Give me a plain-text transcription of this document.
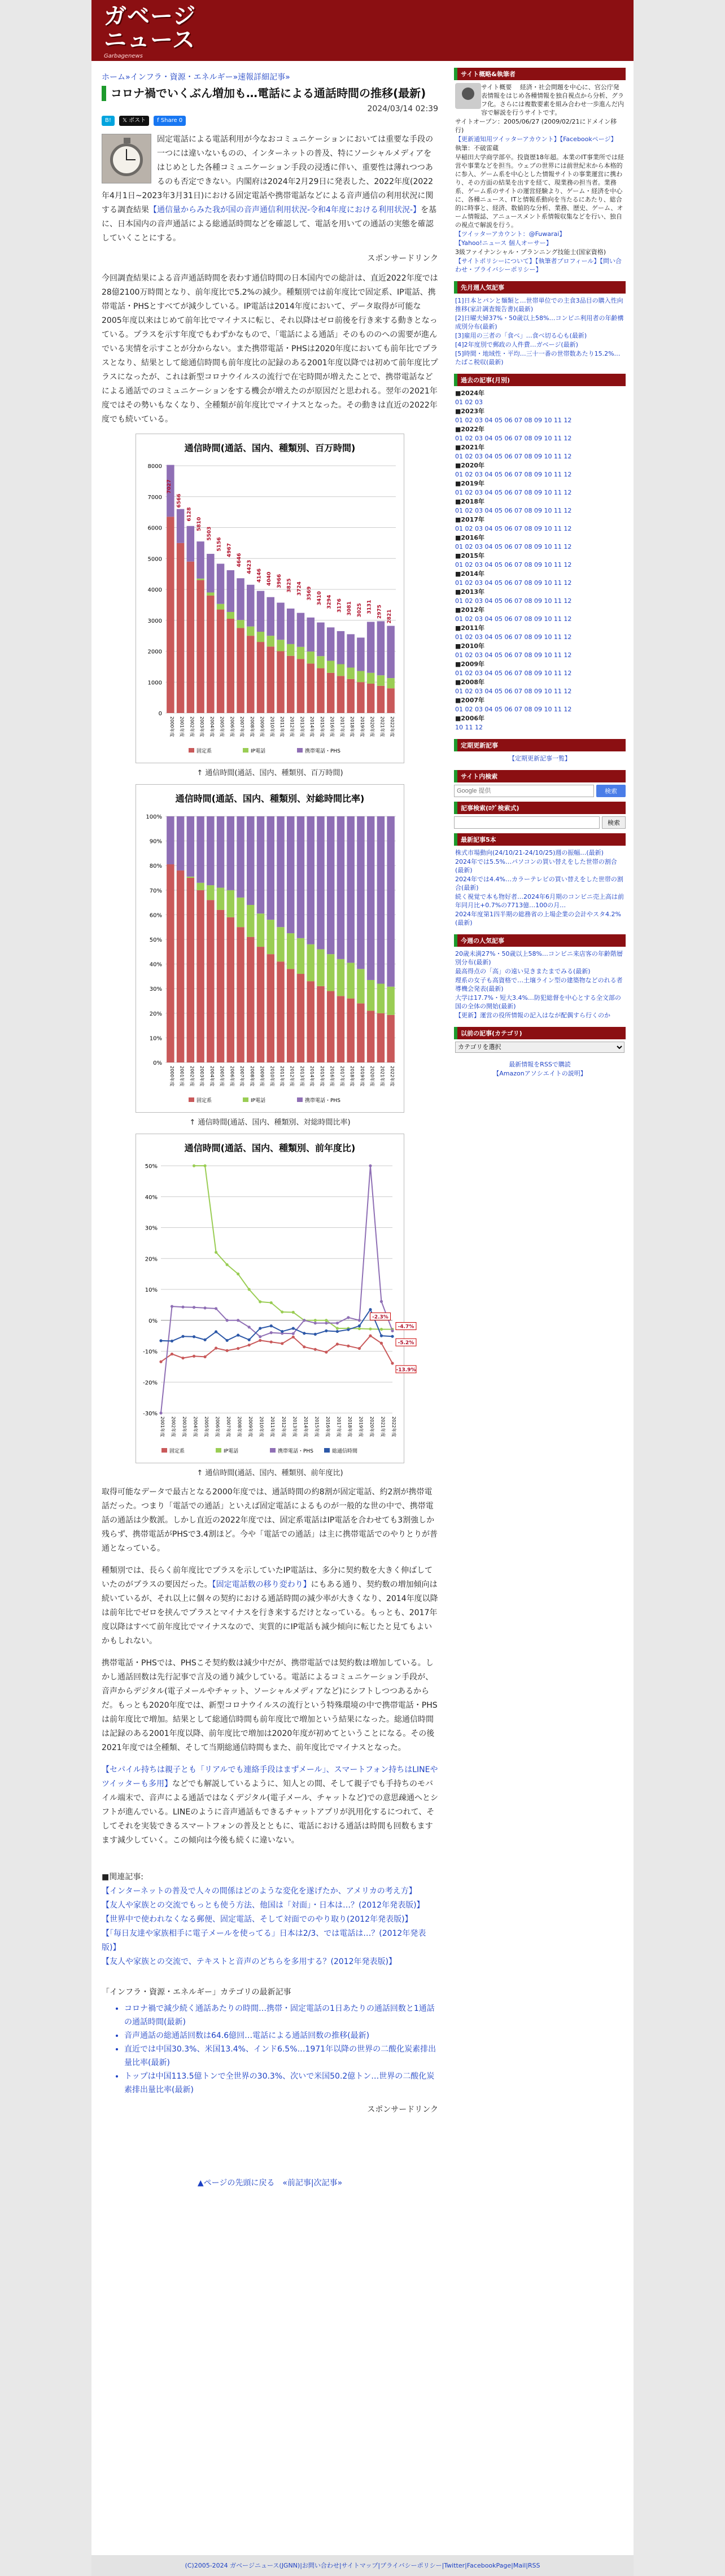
ガベージ
ニュース
Garbagenews
ホーム»インフラ・資源・エネルギー»速報詳細記事»
コロナ禍でいくぶん増加も…電話による通話時間の推移(最新)
2024/03/14 02:39
B!	𝕏 ポスト	f Share 0
固定電話による電話利用が今なおコミュニケーションにおいては重要な手段の一つには違いないものの、インターネットの普及、特にソーシャルメディアをはじめとした各種コミュニケーション手段の浸透に伴い、重要性は薄れつつあるのも否定できない。内閣府は2024年2月29日に発表した、2022年度(2022年4月1日~2023年3月31日)における固定電話や携帯電話などによる音声通信の利用状況に関する調査結果【通信量からみた我が国の音声通信利用状況-令和4年度における利用状況-】を基に、日本国内の音声通話による総通話時間などを確認して、電話を用いての通話の実態を確認していくことにする。
スポンサードリンク
今回調査結果による音声通話時間を表わす通信時間の日本国内での総計は、直近2022年度では28億2100万時間となり、前年度比で5.2%の減少。種類別では前年度比で固定系、IP電話、携帯電話・PHSとすべてが減少している。IP電話は2014年度において、データ取得が可能な2005年度以来はじめて前年比でマイナスに転じ、それ以降はゼロ前後を行き来する動きとなっている。プラスを示す年度でもわずかなもので、「電話による通話」そのもののへの需要が進んでいる実情を示すことが分からない。また携帯電話・PHSは2020年度においても前年比でプラスとなり、結果として総通信時間も前年度比の記録のある2001年度以降では初めて前年度比プラスになったが、これは新型コロナウイルスの流行で在宅時間が増えたことで、携帯電話などによる通話でのコミュニケーションをする機会が増えたのが原因だと思われる。翌年の2021年度ではその勢いもなくなり、全種類が前年度比でマイナスとなった。その動きは直近の2022年度でも続いている。
通信時間(通話、国内、種類別、百万時間)
0
1000
2000
3000
4000
5000
6000
7000
8000
7027
2000年度
6566
2001年度
6128
2002年度
5810
2003年度
5503
2004年度
5156
2005年度
4967
2006年度
4646
2007年度
4423
2008年度
4146
2009年度
4040
2010年度
3966
2011年度
3825
2012年度
3724
2013年度
3569
2014年度
3410
2015年度
3294
2016年度
3176
2017年度
3081
2018年度
3025
2019年度
3131
2020年度
2975
2021年度
2821
2022年度
固定系	IP電話	携帯電話・PHS
↑ 通信時間(通話、国内、種類別、百万時間)
通信時間(通話、国内、種類別、対総時間比率)
0%
10%
20%
30%
40%
50%
60%
70%
80%
90%
100%
2000年度 2001年度 2002年度 2003年度 2004年度 2005年度 2006年度 2007年度 2008年度 2009年度 2010年度 2011年度 2012年度 2013年度 2014年度 2015年度 2016年度 2017年度 2018年度 2019年度 2020年度 2021年度 2022年度
固定系	IP電話	携帯電話・PHS
↑ 通信時間(通話、国内、種類別、対総時間比率)
通信時間(通話、国内、種類別、前年度比)
-30%
-20%
-10%
0%
10%
20%
30%
40%
50%
2001年度 2002年度 2003年度 2004年度 2005年度 2006年度 2007年度 2008年度 2009年度 2010年度 2011年度 2012年度 2013年度 2014年度 2015年度 2016年度 2017年度 2018年度 2019年度 2020年度 2021年度 2022年度
-2.3%
-4.7%
-5.2%
-13.9%
固定系	IP電話	携帯電話・PHS	総通信時間
↑ 通信時間(通話、国内、種類別、前年度比)
取得可能なデータで最古となる2000年度では、通話時間の約8割が固定電話、約2割が携帯電話だった。つまり「電話での通話」といえば固定電話によるものが一般的な世の中で、携帯電話の通話は少数派。しかし直近の2022年度では、固定系電話はIP電話を合わせても3割強しか残らず、携帯電話がPHSで3.4割ほど。今や「電話での通話」は主に携帯電話でのやりとりが普通となっている。
種類別では、長らく前年度比でプラスを示していたIP電話は、多分に契約数を大きく伸ばしていたのがプラスの要因だった。【固定電話数の移り変わり】にもある通り、契約数の増加傾向は続いているが、それ以上に個々の契約における通話時間の減少率が大きくなり、2014年度以降は前年比でゼロを挟んでプラスとマイナスを行き来するだけとなっている。もっとも、2017年度以降はすべて前年度比でマイナスなので、実質的にIP電話も減少傾向に転じたと見てもよいかもしれない。
携帯電話・PHSでは、PHSこそ契約数は減少中だが、携帯電話では契約数は増加している。しかし通話回数は先行記事で言及の通り減少している。電話によるコミュニケーション手段が、音声からデジタル(電子メールやチャット、ソーシャルメディアなど)にシフトしつつあるからだ。もっとも2020年度では、新型コロナウイルスの流行という特殊環境の中で携帯電話・PHSは前年度比で増加。結果として総通信時間も前年度比で増加という結果になった。総通信時間は記録のある2001年度以降、前年度比で増加は2020年度が初めてということになる。その後2021年度では全種類、そして当期総通信時間もまた、前年度比でマイナスとなった。
【セパイル持ちは親子とも「リアルでも連絡手段はまずメール」、スマートフォン持ちはLINEやツイッターも多用】などでも解説しているように、知人との間、そして親子でも手持ちのモバイル端末で、音声による通話ではなくデジタル(電子メール、チャットなど)での意思疎通へとシフトが進んでいる。LINEのように音声通話もできるチャットアプリが汎用化するにつれて、そしてそれを実装できるスマートフォンの普及とともに、電話における通話は時間も回数もますます減少していく。この傾向は今後も続くに違いない。
■関連記事:
【インターネットの普及で人々の間係はどのような変化を遂げたか、アメリカの考え方】
【友人や家族との交流でもっとも使う方法、他国は「対面」・日本は…？(2012年発表版)】
【世界中で使われなくなる郵便、固定電話、そして対面でのやり取り(2012年発表版)】
【「毎日友達や家族相手に電子メールを使ってる」日本は2/3、では電話は…？(2012年発表版)】
【友人や家族との交流で、テキストと音声のどちらを多用する？(2012年発表版)】
「インフラ・資源・エネルギー」カテゴリの最新記事
• コロナ禍で減少続く通話あたりの時間…携帯・固定電話の1日あたりの通話回数と1通話の通話時間(最新)
• 音声通話の総通話回数は64.6億回…電話による通話回数の推移(最新)
• 直近では中国30.3%、米国13.4%、インド6.5%…1971年以降の世界の二酸化炭素排出量比率(最新)
• トップは中国113.5億トンで全世界の30.3%、次いで米国50.2億トン…世界の二酸化炭素排出量比率(最新)
スポンサードリンク
▲ページの先頭に戻る　«前記事|次記事»
サイト概略&執筆者
サイト概要 　経済・社会問題を中心に、官公庁発表情報をはじめ各種情報を独自視点から分析、グラフ化。さらには複数要素を組み合わせ一歩進んだ内容で解説を行うサイトです。
サイトオープン：2005/06/27 (2009/02/21にドメイン移行)
【更新通知用ツイッターアカウント】【Facebookページ】
執筆：不破雷蔵
早稲田大学商学部卒。投資歴18年超。本業のIT事業所では経営や事業などを担当。ウェブの世界には前世紀末から本格的に参入、ゲーム系を中心とした情報サイトの事業運営に携わり、その方面の結果を出すを経て、現業務の担当者。業務系、ゲーム系のサイトの運営経験より、ゲーム・経済を中心に、各種ニュース、ITと情報系動向を当たるにあたり、総合的に時事と、経済、数値的な分析、業務、歴史、ゲーム、オーム情報誌、アニュースメント系情報収集などを行い、独自の視点で解説を行う。
【ツイッターアカウント：@Fuwarai】
【Yahoo!ニュース 個人オーサー】
3級ファイナンシャル・プランニング技能士(国家資格)
【サイトポリシーについて】【執筆者プロフィール】【問い合わせ・プライバシーポリシー】
先月週人気記事
[1]日本とパンと麺類と…世帯単位での主食3品目の購入性向推移(家計調査報告書)(最新)
[2]日曜夫婦37%・50歳以上58%…コンビニ利用者の年齢構成別分布(最新)
[3]雇用の三者の「食べ」…食べ切る心も(最新)
[4]2年度別で郵政の人件費…ガベージ(最新)
[5]時間・地域性・平均…三十一番の世帯数あたり15.2%…たばこ税収(最新)
過去の記事(月別)
■2024年
01 02 03
■2023年
01 02 03 04 05 06 07 08 09 10 11 12
■2022年
01 02 03 04 05 06 07 08 09 10 11 12
■2021年
01 02 03 04 05 06 07 08 09 10 11 12
■2020年
01 02 03 04 05 06 07 08 09 10 11 12
■2019年
01 02 03 04 05 06 07 08 09 10 11 12
■2018年
01 02 03 04 05 06 07 08 09 10 11 12
■2017年
01 02 03 04 05 06 07 08 09 10 11 12
■2016年
01 02 03 04 05 06 07 08 09 10 11 12
■2015年
01 02 03 04 05 06 07 08 09 10 11 12
■2014年
01 02 03 04 05 06 07 08 09 10 11 12
■2013年
01 02 03 04 05 06 07 08 09 10 11 12
■2012年
01 02 03 04 05 06 07 08 09 10 11 12
■2011年
01 02 03 04 05 06 07 08 09 10 11 12
■2010年
01 02 03 04 05 06 07 08 09 10 11 12
■2009年
01 02 03 04 05 06 07 08 09 10 11 12
■2008年
01 02 03 04 05 06 07 08 09 10 11 12
■2007年
01 02 03 04 05 06 07 08 09 10 11 12
■2006年
10 11 12
定期更新記事
【定期更新記事一覧】
サイト内検索
Google 提供
検索
記事検索(ﾛｸﾞ検索式)
検索
最新記事5本
株式市場動向(24/10/21-24/10/25)週の振幅…(最新)
2024年では5.5%…パソコンの買い替えをした世帯の割合(最新)
2024年では4.4%…カラーテレビの買い替えをした世帯の割合(最新)
続く視覚で本も物好者…2024年6月期のコンビニ売上高は前年同月比+0.7%の7713億…100の月…
2024年度第1四半期の総務省の上場企業の会計やスタ4.2%(最新)
今週の人気記事
20歳未満27%・50歳以上58%…コンビニ来店客の年齢階層別分布(最新)
最高得点の「高」の遠い見きまたまでみる(最新)
理系の女子も高資格で…土壌ライン型の建築物などのれる者導機会発表(最新)
大学は17.7%・短大3.4%…防犯総督を中心とする全文部の国の全体の開始(最新)
【更新】運営の役所情報の記入はなが配偶すら行くのか
以前の記事(カテゴリ)
カテゴリを選択
最新情報をRSSで購読
【Amazonアソシエイトの説明】
(C)2005-2024 ガベージニュース(JGNN)|お問い合わせ|サイトマップ|プライバシーポリシー|Twitter|FacebookPage|Mail|RSS
